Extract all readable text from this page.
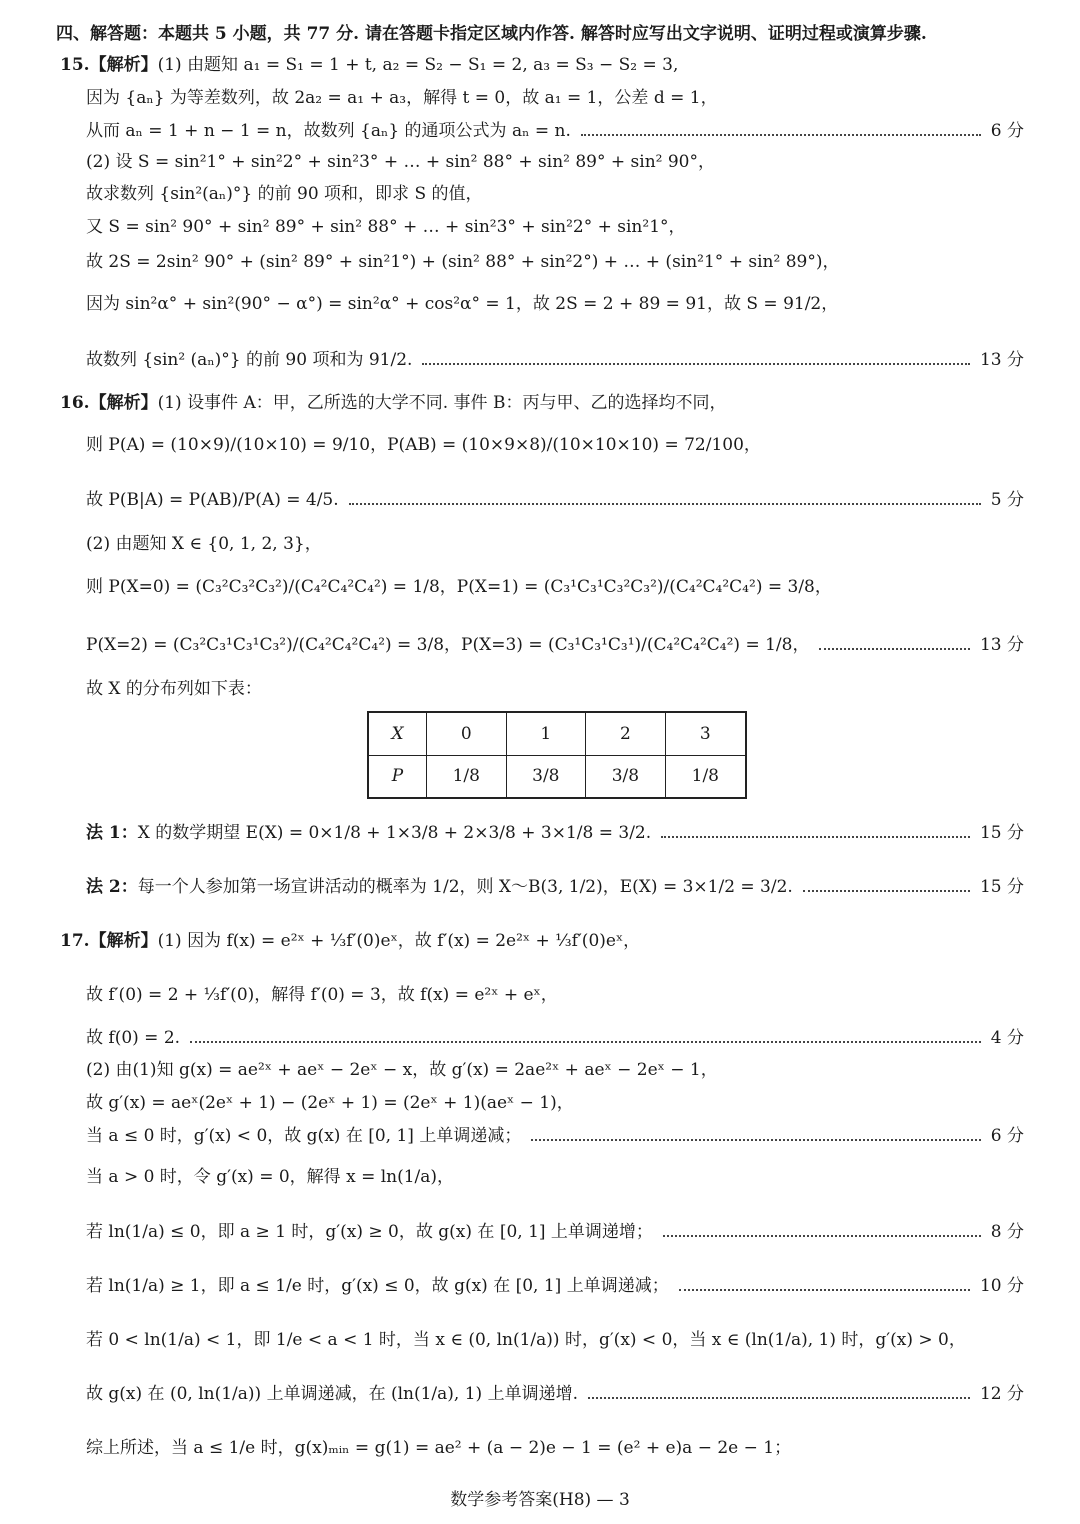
四、解答题：本题共 5 小题，共 77 分. 请在答题卡指定区域内作答. 解答时应写出文字说明、证明过程或演算步骤.
15.【解析】(1) 由题知 a₁ = S₁ = 1 + t, a₂ = S₂ − S₁ = 2, a₃ = S₃ − S₂ = 3,
因为 {aₙ} 为等差数列，故 2a₂ = a₁ + a₃，解得 t = 0，故 a₁ = 1，公差 d = 1，
从而 aₙ = 1 + n − 1 = n，故数列 {aₙ} 的通项公式为 aₙ = n.	6 分
(2) 设 S = sin²1° + sin²2° + sin²3° + … + sin² 88° + sin² 89° + sin² 90°，
故求数列 {sin²(aₙ)°} 的前 90 项和，即求 S 的值，
又 S = sin² 90° + sin² 89° + sin² 88° + … + sin²3° + sin²2° + sin²1°，
故 2S = 2sin² 90° + (sin² 89° + sin²1°) + (sin² 88° + sin²2°) + … + (sin²1° + sin² 89°)，
因为 sin²α° + sin²(90° − α°) = sin²α° + cos²α° = 1，故 2S = 2 + 89 = 91，故 S = 91/2，
故数列 {sin² (aₙ)°} 的前 90 项和为 91/2.	13 分
16.【解析】(1) 设事件 A：甲，乙所选的大学不同. 事件 B：丙与甲、乙的选择均不同，
则 P(A) = (10×9)/(10×10) = 9/10，P(AB) = (10×9×8)/(10×10×10) = 72/100，
故 P(B|A) = P(AB)/P(A) = 4/5.	5 分
(2) 由题知 X ∈ {0, 1, 2, 3}，
则 P(X=0) = (C₃²C₃²C₃²)/(C₄²C₄²C₄²) = 1/8，P(X=1) = (C₃¹C₃¹C₃²C₃²)/(C₄²C₄²C₄²) = 3/8，
P(X=2) = (C₃²C₃¹C₃¹C₃²)/(C₄²C₄²C₄²) = 3/8，P(X=3) = (C₃¹C₃¹C₃¹)/(C₄²C₄²C₄²) = 1/8，	13 分
故 X 的分布列如下表：
X	0	1	2	3
P	1/8	3/8	3/8	1/8
法 1：X 的数学期望 E(X) = 0×1/8 + 1×3/8 + 2×3/8 + 3×1/8 = 3/2.	15 分
法 2：每一个人参加第一场宣讲活动的概率为 1/2，则 X～B(3, 1/2)，E(X) = 3×1/2 = 3/2.	15 分
17.【解析】(1) 因为 f(x) = e²ˣ + ⅓f′(0)eˣ，故 f′(x) = 2e²ˣ + ⅓f′(0)eˣ，
故 f′(0) = 2 + ⅓f′(0)，解得 f′(0) = 3，故 f(x) = e²ˣ + eˣ，
故 f(0) = 2.	4 分
(2) 由(1)知 g(x) = ae²ˣ + aeˣ − 2eˣ − x，故 g′(x) = 2ae²ˣ + aeˣ − 2eˣ − 1，
故 g′(x) = aeˣ(2eˣ + 1) − (2eˣ + 1) = (2eˣ + 1)(aeˣ − 1)，
当 a ≤ 0 时，g′(x) < 0，故 g(x) 在 [0, 1] 上单调递减；	6 分
当 a > 0 时，令 g′(x) = 0，解得 x = ln(1/a)，
若 ln(1/a) ≤ 0，即 a ≥ 1 时，g′(x) ≥ 0，故 g(x) 在 [0, 1] 上单调递增；	8 分
若 ln(1/a) ≥ 1，即 a ≤ 1/e 时，g′(x) ≤ 0，故 g(x) 在 [0, 1] 上单调递减；	10 分
若 0 < ln(1/a) < 1，即 1/e < a < 1 时，当 x ∈ (0, ln(1/a)) 时，g′(x) < 0，当 x ∈ (ln(1/a), 1) 时，g′(x) > 0，
故 g(x) 在 (0, ln(1/a)) 上单调递减，在 (ln(1/a), 1) 上单调递增.	12 分
综上所述，当 a ≤ 1/e 时，g(x)ₘᵢₙ = g(1) = ae² + (a − 2)e − 1 = (e² + e)a − 2e − 1；
数学参考答案(H8) — 3
